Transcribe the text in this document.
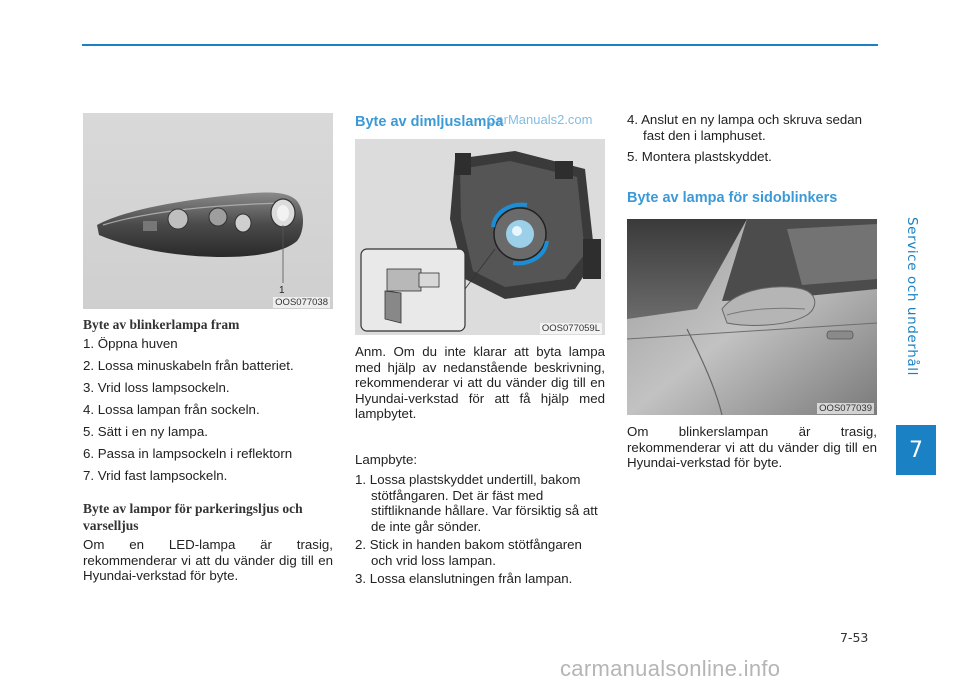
Service och underhåll
7
1
OOS077038
Byte av blinkerlampa fram
1. Öppna huven
2. Lossa minuskabeln från batteriet.
3. Vrid loss lampsockeln.
4. Lossa lampan från sockeln.
5. Sätt i en ny lampa.
6. Passa in lampsockeln i reflektorn
7. Vrid fast lampsockeln.
Byte av lampor för parkeringsljus och varselljus
Om en LED-lampa är trasig, rekommenderar vi att du vänder dig till en Hyundai-verkstad för byte.
Byte av dimljuslampa
OOS077059L
Anm. Om du inte klarar att byta lampa med hjälp av nedanstående beskrivning, rekommenderar vi att du vänder dig till en Hyundai-verkstad för att få hjälp med lampbytet.
Lampbyte:
1. Lossa plastskyddet undertill, bakom stötfångaren. Det är fäst med stiftliknande hållare. Var försiktig så att de inte går sönder.
2. Stick in handen bakom stötfångaren och vrid loss lampan.
3. Lossa elanslutningen från lampan.
4. Anslut en ny lampa och skruva sedan fast den i lamphuset.
5. Montera plastskyddet.
Byte av lampa för sidoblinkers
OOS077039
Om blinkerslampan är trasig, rekommenderar vi att du vänder dig till en Hyundai-verkstad för byte.
7-53
CarManuals2.com
carmanualsonline.info
